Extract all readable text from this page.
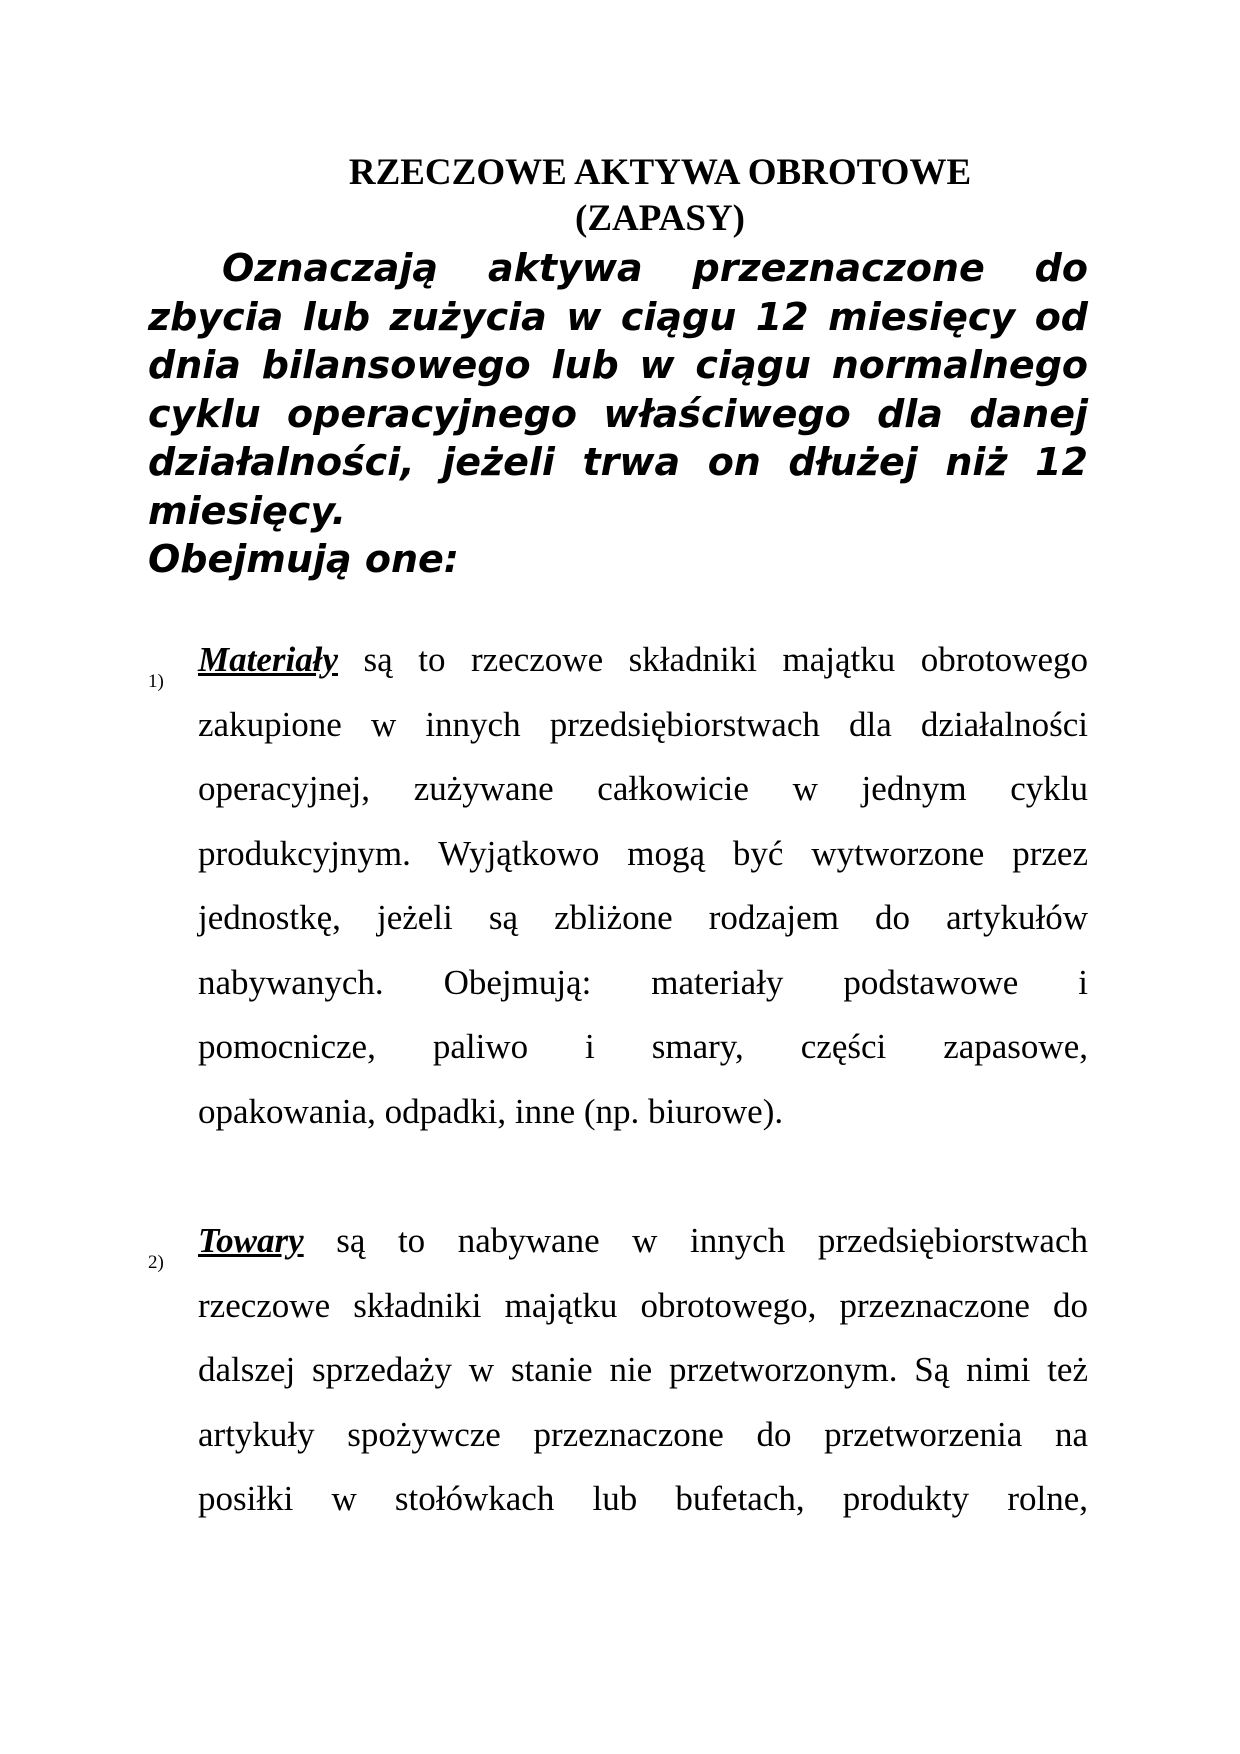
RZECZOWE AKTYWA OBROTOWE
(ZAPASY)

Oznaczają aktywa przeznaczone do zbycia lub zużycia w ciągu 12 miesięcy od dnia bilansowego lub w ciągu normalnego cyklu operacyjnego właściwego dla danej działalności, jeżeli trwa on dłużej niż 12 miesięcy.
Obejmują one:

1)
Materiały są to rzeczowe składniki majątku obrotowego
zakupione w innych przedsiębiorstwach dla działalności
operacyjnej, zużywane całkowicie w jednym cyklu
produkcyjnym. Wyjątkowo mogą być wytworzone przez
jednostkę, jeżeli są zbliżone rodzajem do artykułów
nabywanych. Obejmują: materiały podstawowe i
pomocnicze, paliwo i smary, części zapasowe,
opakowania, odpadki, inne (np. biurowe).
2)
Towary są to nabywane w innych przedsiębiorstwach
rzeczowe składniki majątku obrotowego, przeznaczone do
dalszej sprzedaży w stanie nie przetworzonym. Są nimi też
artykuły spożywcze przeznaczone do przetworzenia na
posiłki w stołówkach lub bufetach, produkty rolne,
